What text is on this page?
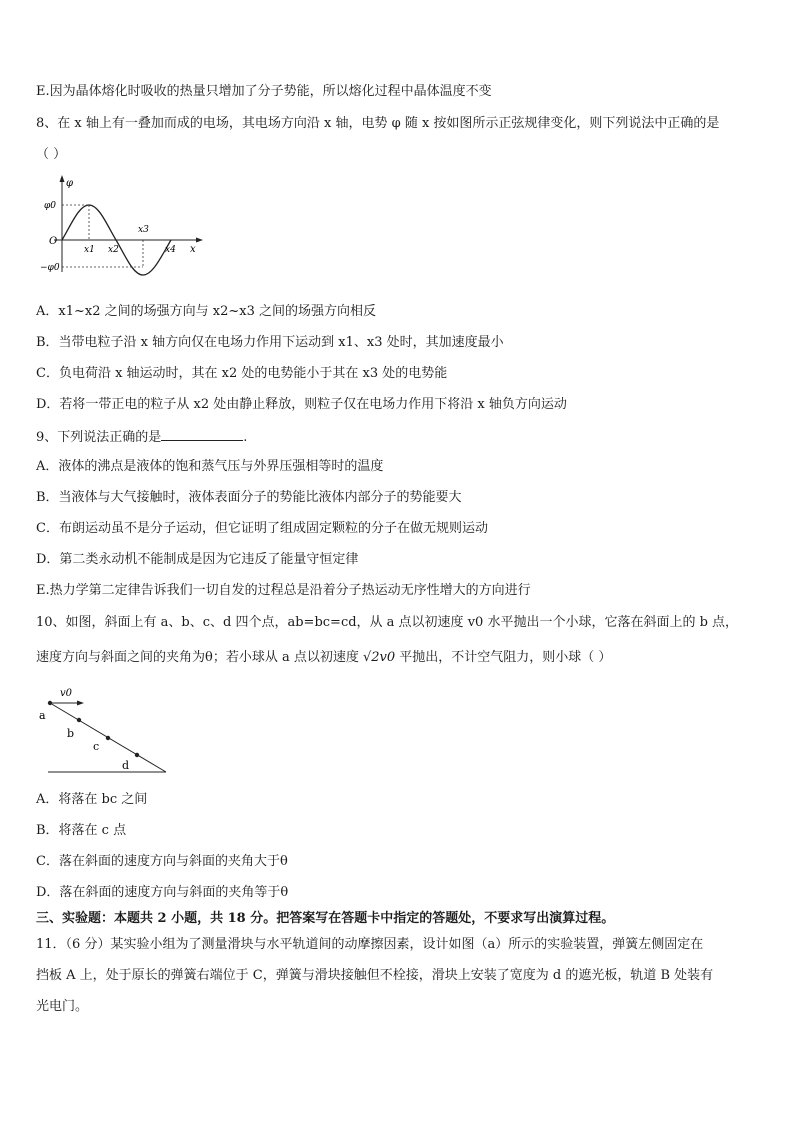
E.因为晶体熔化时吸收的热量只增加了分子势能，所以熔化过程中晶体温度不变
8、在 x 轴上有一叠加而成的电场，其电场方向沿 x 轴，电势 φ 随 x 按如图所示正弦规律变化，则下列说法中正确的是
（ ）
φ
x
O
φ0
−φ0
x1 x2
x3
x4
A．x1~x2 之间的场强方向与 x2~x3 之间的场强方向相反
B．当带电粒子沿 x 轴方向仅在电场力作用下运动到 x1、x3 处时，其加速度最小
C．负电荷沿 x 轴运动时，其在 x2 处的电势能小于其在 x3 处的电势能
D．若将一带正电的粒子从 x2 处由静止释放，则粒子仅在电场力作用下将沿 x 轴负方向运动
9、下列说法正确的是	.
A．液体的沸点是液体的饱和蒸气压与外界压强相等时的温度
B．当液体与大气接触时，液体表面分子的势能比液体内部分子的势能要大
C．布朗运动虽不是分子运动，但它证明了组成固定颗粒的分子在做无规则运动
D．第二类永动机不能制成是因为它违反了能量守恒定律
E.热力学第二定律告诉我们一切自发的过程总是沿着分子热运动无序性增大的方向进行
10、如图，斜面上有 a、b、c、d 四个点，ab=bc=cd，从 a 点以初速度 v0 水平抛出一个小球，它落在斜面上的 b 点，
速度方向与斜面之间的夹角为θ；若小球从 a 点以初速度 √2v0 平抛出，不计空气阻力，则小球（ ）
v0
a
b
c
d
A．将落在 bc 之间
B．将落在 c 点
C．落在斜面的速度方向与斜面的夹角大于θ
D．落在斜面的速度方向与斜面的夹角等于θ
三、实验题：本题共 2 小题，共 18 分。把答案写在答题卡中指定的答题处，不要求写出演算过程。
11．（6 分）某实验小组为了测量滑块与水平轨道间的动摩擦因素，设计如图（a）所示的实验装置，弹簧左侧固定在
挡板 A 上，处于原长的弹簧右端位于 C，弹簧与滑块接触但不栓接，滑块上安装了宽度为 d 的遮光板，轨道 B 处装有
光电门。
